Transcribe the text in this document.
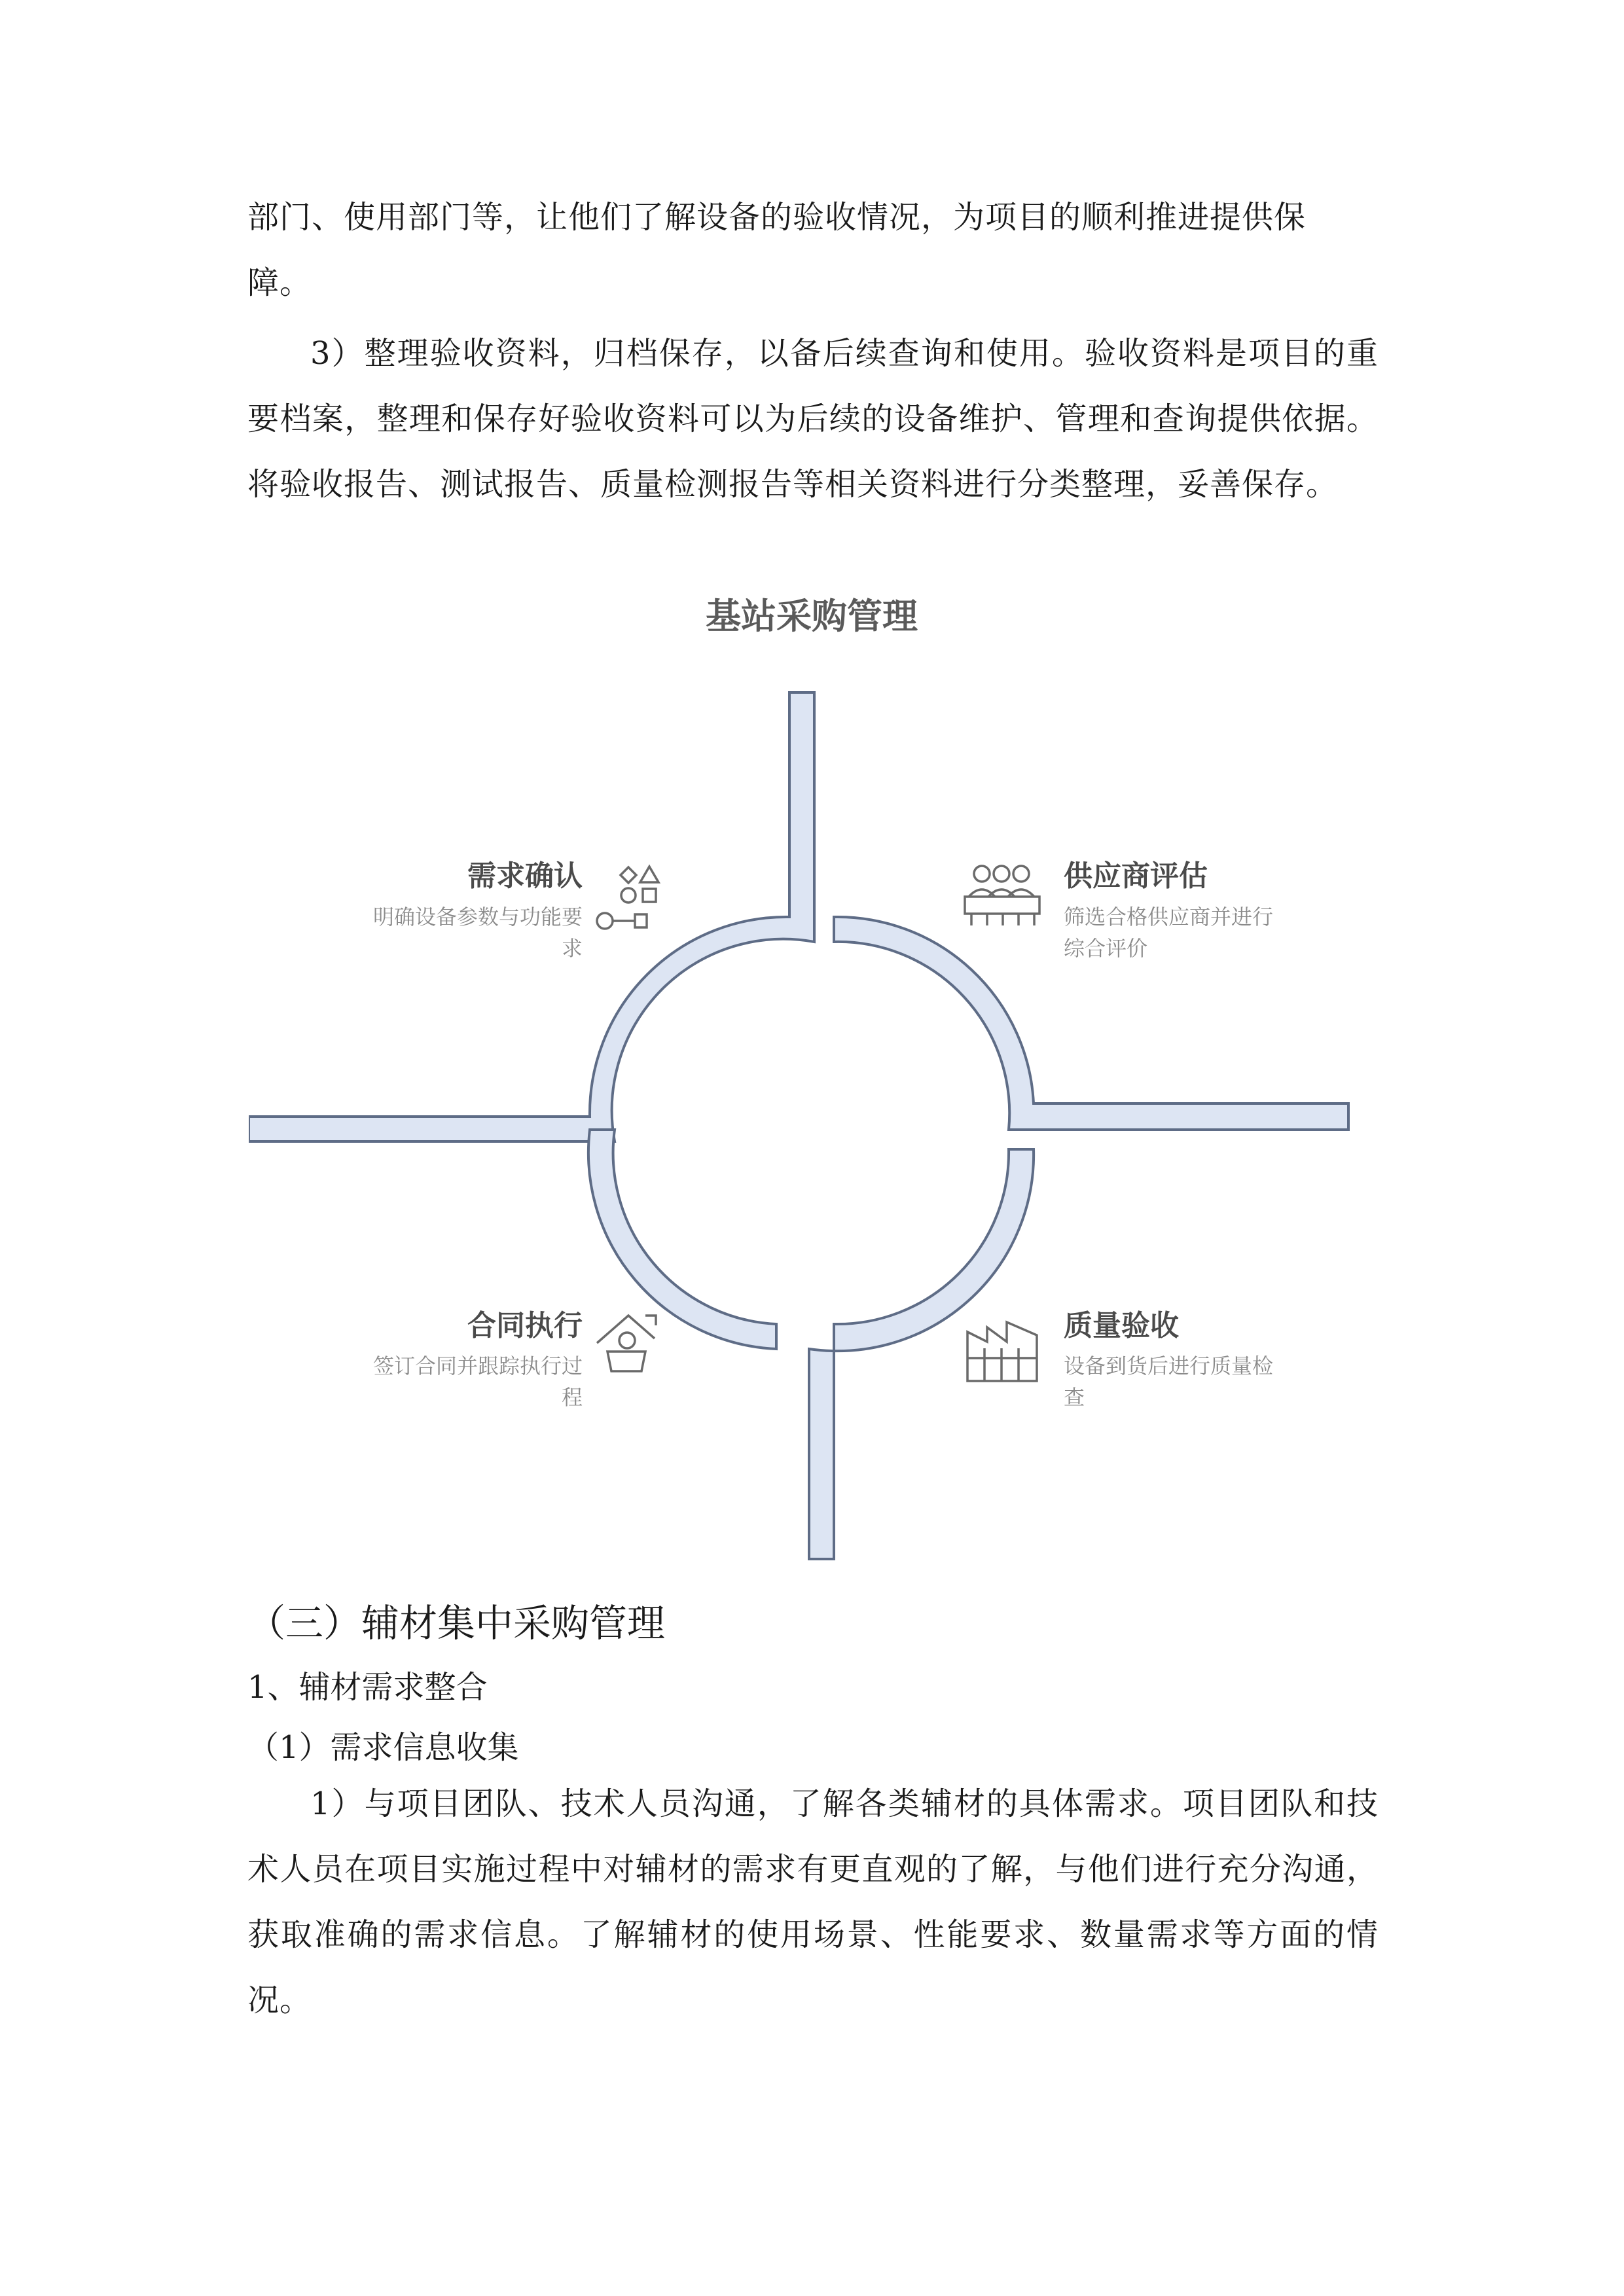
部门、使用部门等，让他们了解设备的验收情况，为项目的顺利推进提供保
障。

3）整理验收资料，归档保存，以备后续查询和使用。验收资料是项目的重要档案，整理和保存好验收资料可以为后续的设备维护、管理和查询提供依据。将验收报告、测试报告、质量检测报告等相关资料进行分类整理，妥善保存。

基站采购管理
需求确认
明确设备参数与功能要
求
供应商评估
筛选合格供应商并进行
综合评价
合同执行
签订合同并跟踪执行过
程
质量验收
设备到货后进行质量检
查

（三）辅材集中采购管理

1、辅材需求整合

（1）需求信息收集

1）与项目团队、技术人员沟通，了解各类辅材的具体需求。项目团队和技术人员在项目实施过程中对辅材的需求有更直观的了解，与他们进行充分沟通，获取准确的需求信息。了解辅材的使用场景、性能要求、数量需求等方面的情况。
